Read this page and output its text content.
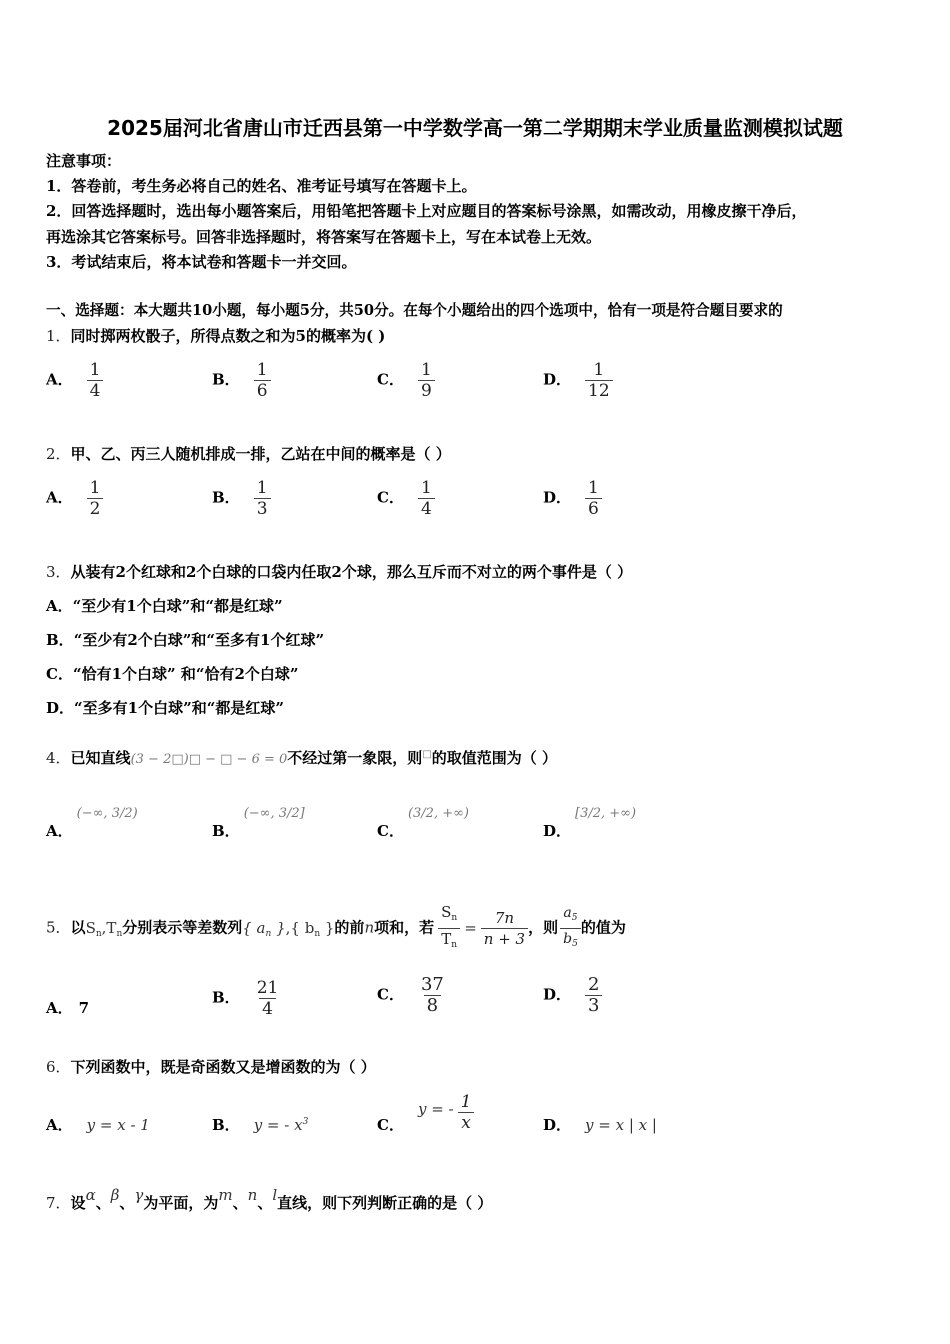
2025届河北省唐山市迁西县第一中学数学高一第二学期期末学业质量监测模拟试题
注意事项：
1．答卷前，考生务必将自己的姓名、准考证号填写在答题卡上。
2．回答选择题时，选出每小题答案后，用铅笔把答题卡上对应题目的答案标号涂黑，如需改动，用橡皮擦干净后，
再选涂其它答案标号。回答非选择题时，将答案写在答题卡上，写在本试卷上无效。
3．考试结束后，将本试卷和答题卡一并交回。
一、选择题：本大题共10小题，每小题5分，共50分。在每个小题给出的四个选项中，恰有一项是符合题目要求的
1．同时掷两枚骰子，所得点数之和为5的概率为( )
A． $\frac{1}{4}$	B． $\frac{1}{6}$	C． $\frac{1}{9}$	D． $\frac{1}{12}$
2．甲、乙、丙三人随机排成一排，乙站在中间的概率是（ ）
A． $\frac{1}{2}$	B． $\frac{1}{3}$	C． $\frac{1}{4}$	D． $\frac{1}{6}$
3．从装有2个红球和2个白球的口袋内任取2个球，那么互斥而不对立的两个事件是（ ）
A．“至少有1个白球”和“都是红球”
B．“至少有2个白球”和“至多有1个红球”
C．“恰有1个白球” 和“恰有2个白球”
D．“至多有1个白球”和“都是红球”
4．已知直线(3 − 2□)□ − □ − 6 = 0不经过第一象限，则□的取值范围为（ ）
A．(−∞, 3/2)
B．(−∞, 3/2]
C．(3/2, +∞)
D．[3/2, +∞)
5．以$S_n,T_n$分别表示等差数列{ $a_n$ },{ $b_n$ }的前n项和，若 $\frac{S_n}{T_n} = \frac{7n}{n + 3}$ ，则 $\frac{a_5}{b_5}$ 的值为
A． 7
B． $\frac{21}{4}$	C． $\frac{37}{8}$	D． $\frac{2}{3}$
6．下列函数中，既是奇函数又是增函数的为（ ）
A． y = x - 1	B． y = - $x^3$	C．y = - $\frac{1}{x}$	D． y = x | x |
7．设α、β、γ为平面，为m、n、l直线，则下列判断正确的是（ ）
